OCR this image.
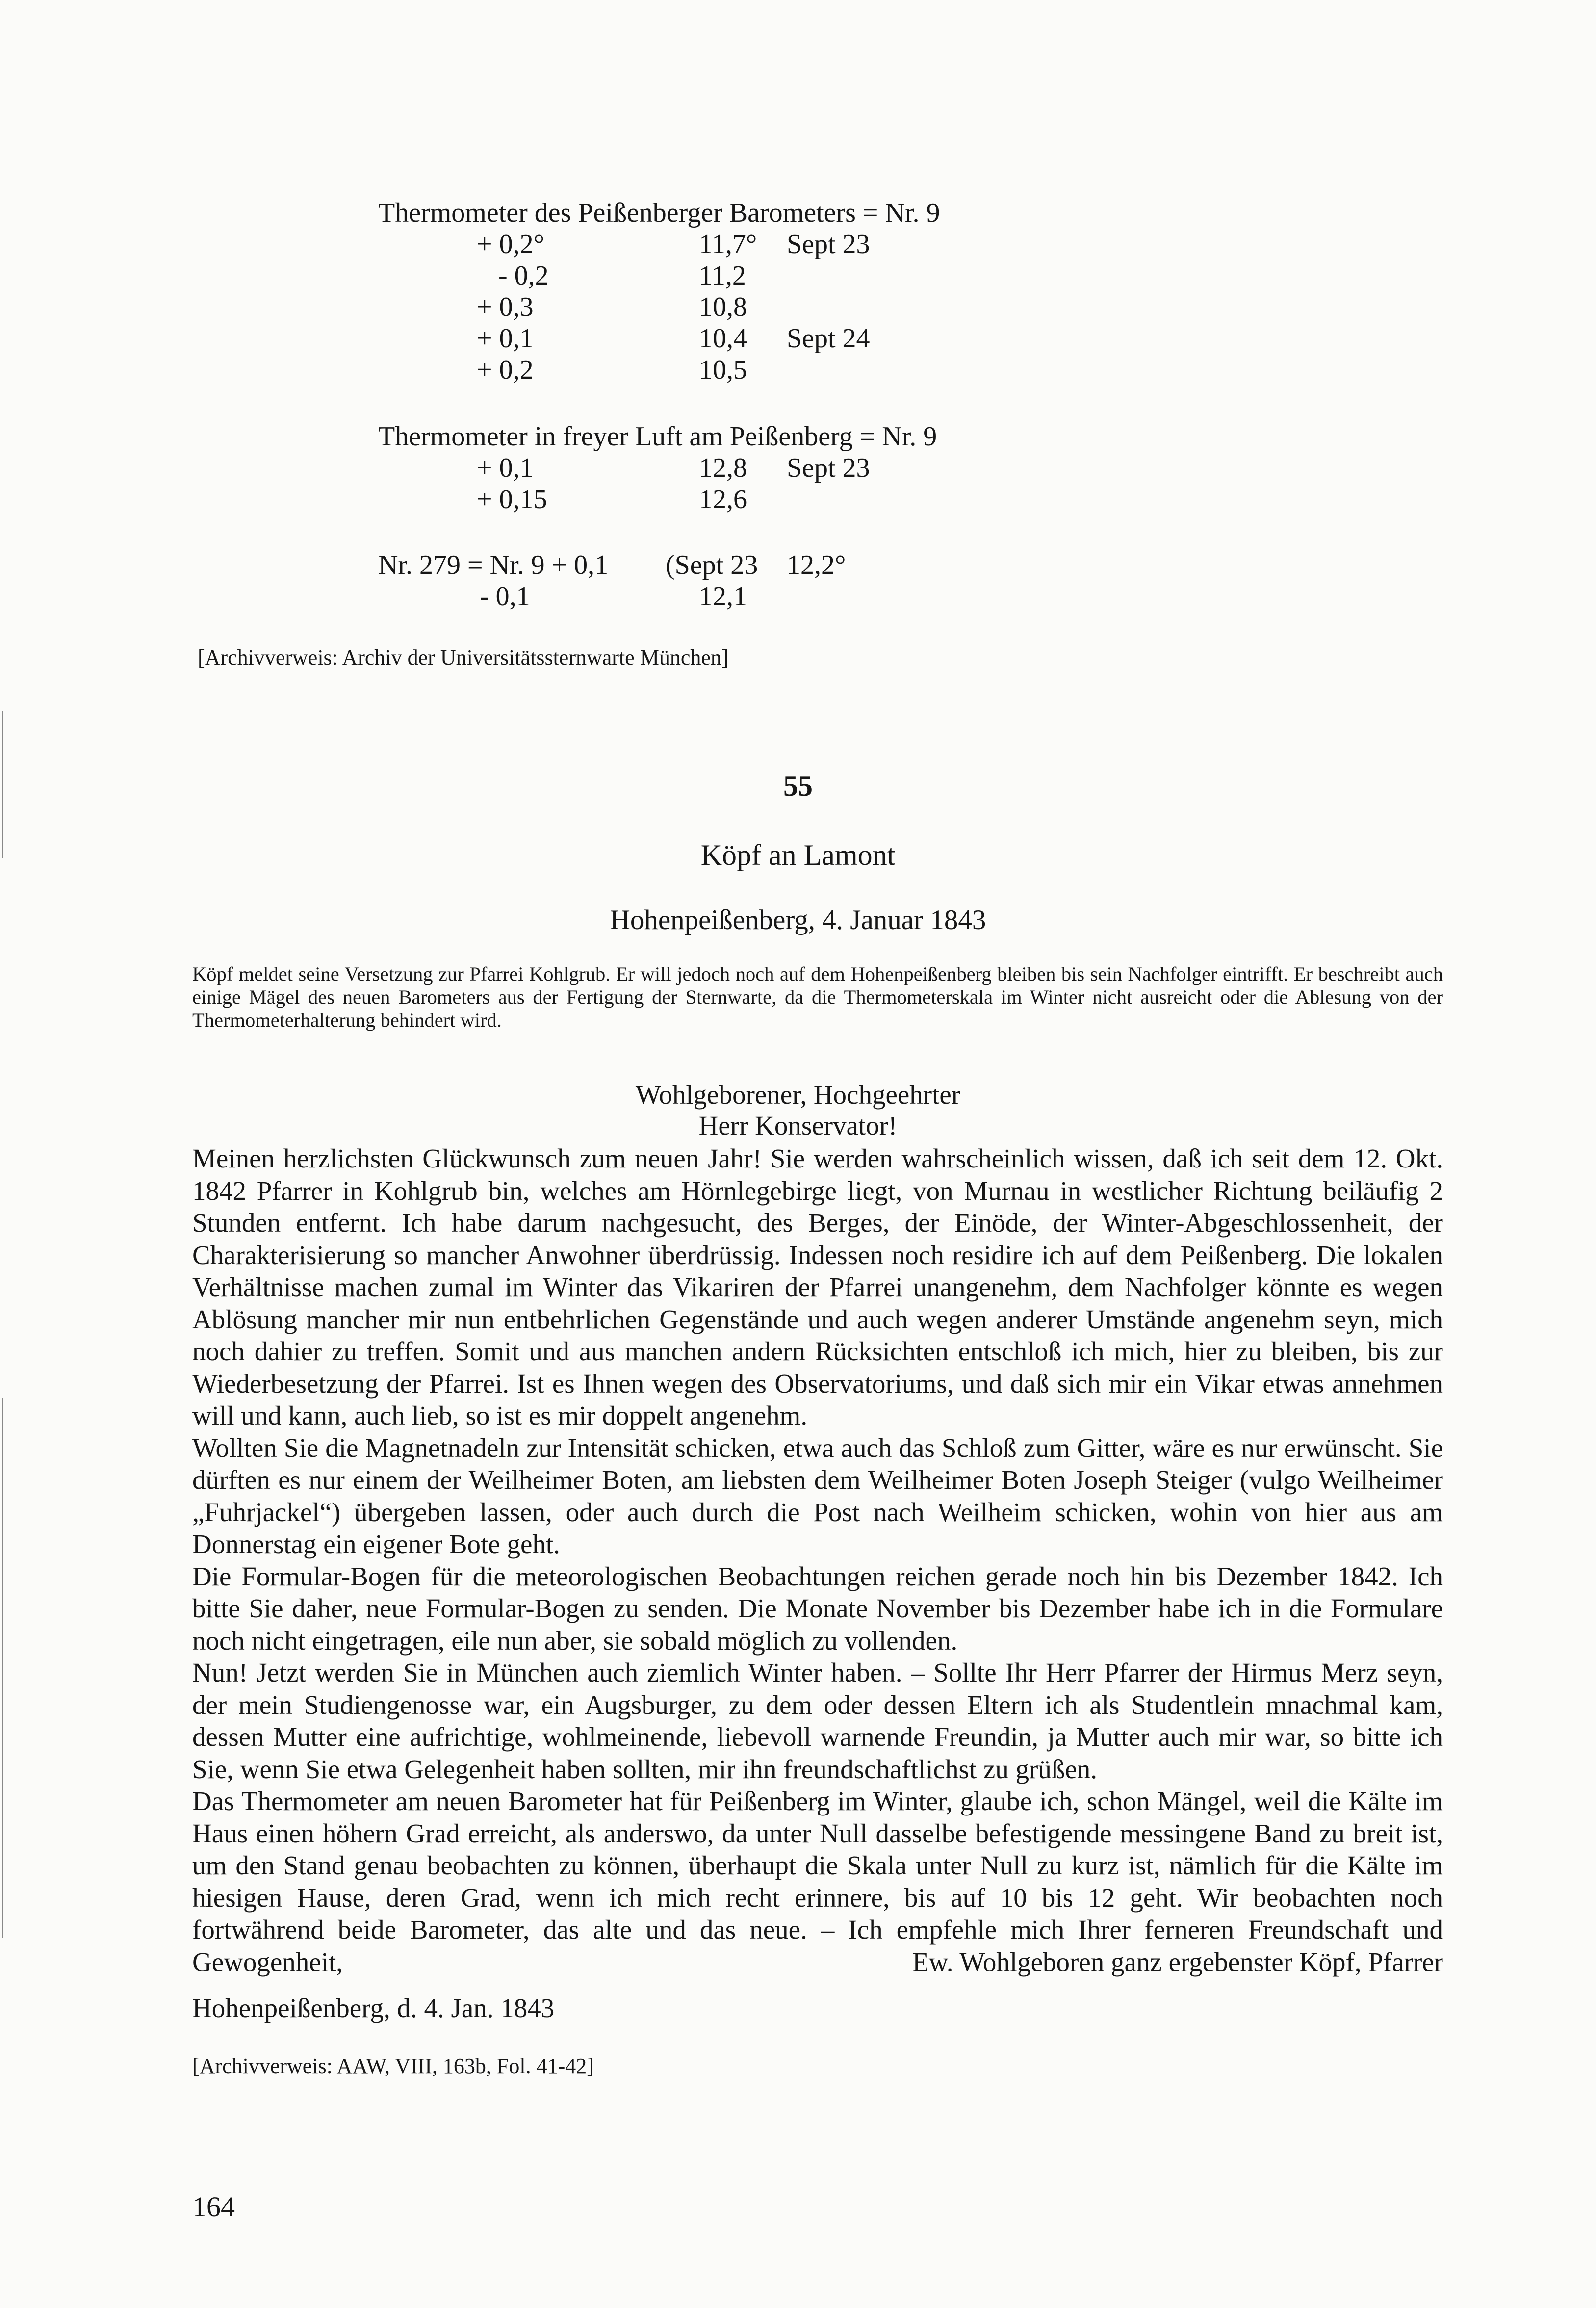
Thermometer des Peißenberger Barometers = Nr. 9
+ 0,2°	11,7° Sept 23
- 0,2	11,2
+ 0,3	10,8
+ 0,1	10,4 Sept 24
+ 0,2	10,5
Thermometer in freyer Luft am Peißenberg = Nr. 9
+ 0,1	12,8 Sept 23
+ 0,15	12,6
Nr. 279 = Nr. 9 + 0,1 (Sept 23 12,2°
- 0,1	12,1
[Archivverweis: Archiv der Universitätssternwarte München]
55
Köpf an Lamont
Hohenpeißenberg, 4. Januar 1843
Köpf meldet seine Versetzung zur Pfarrei Kohlgrub. Er will jedoch noch auf dem Hohenpeißenberg bleiben bis sein Nachfolger eintrifft. Er beschreibt auch einige Mägel des neuen Barometers aus der Fertigung der Sternwarte, da die Thermometerskala im Winter nicht ausreicht oder die Ablesung von der Thermometerhalterung behindert wird.
Wohlgeborener, Hochgeehrter
Herr Konservator!

Meinen herzlichsten Glückwunsch zum neuen Jahr! Sie werden wahrscheinlich wissen, daß ich seit dem 12. Okt. 1842 Pfarrer in Kohlgrub bin, welches am Hörnlegebirge liegt, von Murnau in westlicher Richtung beiläufig 2 Stunden entfernt. Ich habe darum nachgesucht, des Berges, der Einöde, der Winter-Abgeschlossenheit, der Charakterisierung so mancher Anwohner überdrüssig. Indessen noch residire ich auf dem Peißenberg. Die lokalen Verhältnisse machen zumal im Winter das Vikariren der Pfarrei unangenehm, dem Nachfolger könnte es wegen Ablösung mancher mir nun entbehrlichen Gegenstände und auch wegen anderer Umstände angenehm seyn, mich noch dahier zu treffen. Somit und aus manchen andern Rücksichten entschloß ich mich, hier zu bleiben, bis zur Wiederbesetzung der Pfarrei. Ist es Ihnen wegen des Observatoriums, und daß sich mir ein Vikar etwas annehmen will und kann, auch lieb, so ist es mir doppelt angenehm.

Wollten Sie die Magnetnadeln zur Intensität schicken, etwa auch das Schloß zum Gitter, wäre es nur erwünscht. Sie dürften es nur einem der Weilheimer Boten, am liebsten dem Weilheimer Boten Joseph Steiger (vulgo Weilheimer „Fuhrjackel“) übergeben lassen, oder auch durch die Post nach Weilheim schicken, wohin von hier aus am Donnerstag ein eigener Bote geht.

Die Formular-Bogen für die meteorologischen Beobachtungen reichen gerade noch hin bis Dezember 1842. Ich bitte Sie daher, neue Formular-Bogen zu senden. Die Monate November bis Dezember habe ich in die Formulare noch nicht eingetragen, eile nun aber, sie sobald möglich zu vollenden.

Nun! Jetzt werden Sie in München auch ziemlich Winter haben. – Sollte Ihr Herr Pfarrer der Hirmus Merz seyn, der mein Studiengenosse war, ein Augsburger, zu dem oder dessen Eltern ich als Studentlein mnachmal kam, dessen Mutter eine aufrichtige, wohlmeinende, liebevoll warnende Freundin, ja Mutter auch mir war, so bitte ich Sie, wenn Sie etwa Gelegenheit haben sollten, mir ihn freundschaftlichst zu grüßen.

Das Thermometer am neuen Barometer hat für Peißenberg im Winter, glaube ich, schon Mängel, weil die Kälte im Haus einen höhern Grad erreicht, als anderswo, da unter Null dasselbe befestigende messingene Band zu breit ist, um den Stand genau beobachten zu können, überhaupt die Skala unter Null zu kurz ist, nämlich für die Kälte im hiesigen Hause, deren Grad, wenn ich mich recht erinnere, bis auf 10 bis 12 geht. Wir beobachten noch fortwährend beide Barometer, das alte und das neue. – Ich empfehle mich Ihrer ferneren Freundschaft und Gewogenheit,	Ew. Wohlgeboren ganz ergebenster Köpf, Pfarrer
Hohenpeißenberg, d. 4. Jan. 1843
[Archivverweis: AAW, VIII, 163b, Fol. 41-42]
164
